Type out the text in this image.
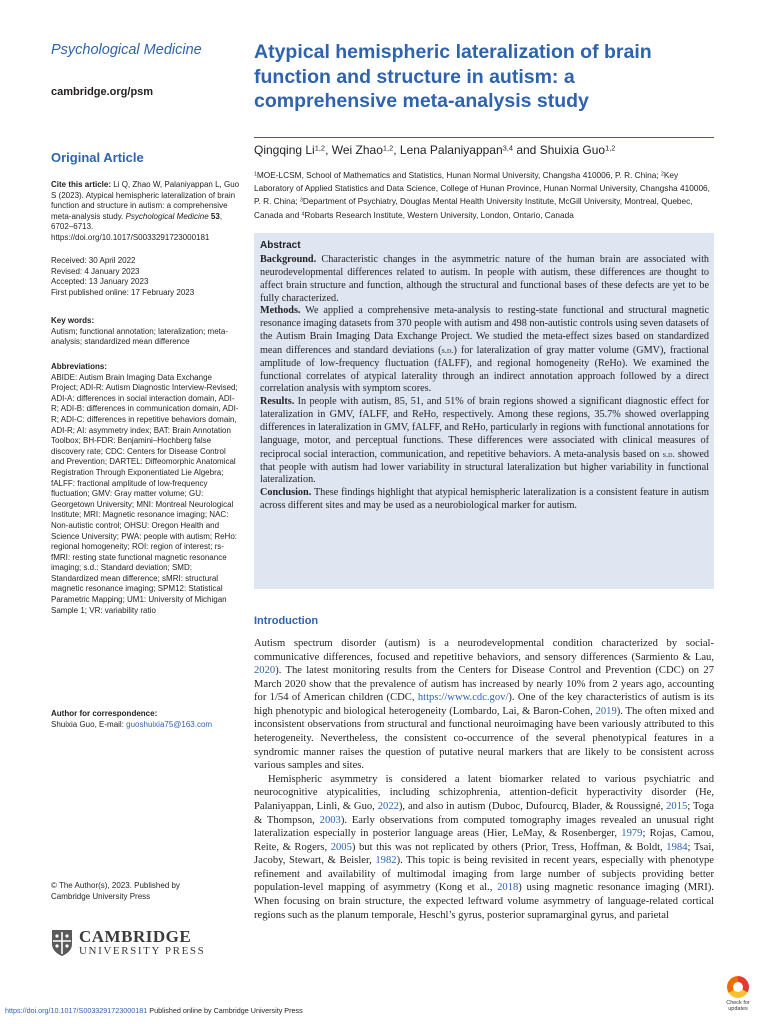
Psychological Medicine
cambridge.org/psm
Original Article
Cite this article: Li Q, Zhao W, Palaniyappan L, Guo S (2023). Atypical hemispheric lateralization of brain function and structure in autism: a comprehensive meta-analysis study. Psychological Medicine 53, 6702–6713. https://doi.org/10.1017/S0033291723000181
Received: 30 April 2022
Revised: 4 January 2023
Accepted: 13 January 2023
First published online: 17 February 2023
Key words:
Autism; functional annotation; lateralization; meta-analysis; standardized mean difference
Abbreviations:
ABIDE: Autism Brain Imaging Data Exchange Project; ADI-R: Autism Diagnostic Interview-Revised; ADI-A: differences in social interaction domain, ADI-R; ADI-B: differences in communication domain, ADI-R; ADI-C: differences in repetitive behaviors domain, ADI-R; AI: asymmetry index; BAT: Brain Annotation Toolbox; BH-FDR: Benjamini–Hochberg false discovery rate; CDC: Centers for Disease Control and Prevention; DARTEL: Diffeomorphic Anatomical Registration Through Exponentiated Lie Algebra; fALFF: fractional amplitude of low-frequency fluctuation; GMV: Gray matter volume; GU: Georgetown University; MNI: Montreal Neurological Institute; MRI: Magnetic resonance imaging; NAC: Non-autistic control; OHSU: Oregon Health and Science University; PWA: people with autism; ReHo: regional homogeneity; ROI: region of interest; rs-fMRI: resting state functional magnetic resonance imaging; s.d.: Standard deviation; SMD: Standardized mean difference; sMRI: structural magnetic resonance imaging; SPM12: Statistical Parametric Mapping; UM1: University of Michigan Sample 1; VR: variability ratio
Author for correspondence:
Shuixia Guo, E-mail: guoshuixia75@163.com
© The Author(s), 2023. Published by
Cambridge University Press
CAMBRIDGE
UNIVERSITY PRESS
Atypical hemispheric lateralization of brain function and structure in autism: a comprehensive meta-analysis study
Qingqing Li$^{1,2}$, Wei Zhao$^{1,2}$, Lena Palaniyappan$^{3,4}$ and Shuixia Guo$^{1,2}$
$^1$MOE-LCSM, School of Mathematics and Statistics, Hunan Normal University, Changsha 410006, P. R. China; $^2$Key Laboratory of Applied Statistics and Data Science, College of Hunan Province, Hunan Normal University, Changsha 410006, P. R. China; $^3$Department of Psychiatry, Douglas Mental Health University Institute, McGill University, Montreal, Quebec, Canada and $^4$Robarts Research Institute, Western University, London, Ontario, Canada
Abstract

Background. Characteristic changes in the asymmetric nature of the human brain are associated with neurodevelopmental differences related to autism. In people with autism, these differences are thought to affect brain structure and function, although the structural and functional bases of these defects are yet to be fully characterized.

Methods. We applied a comprehensive meta-analysis to resting-state functional and structural magnetic resonance imaging datasets from 370 people with autism and 498 non-autistic controls using seven datasets of the Autism Brain Imaging Data Exchange Project. We studied the meta-effect sizes based on standardized mean differences and standard deviations (s.d.) for lateralization of gray matter volume (GMV), fractional amplitude of low-frequency fluctuation (fALFF), and regional homogeneity (ReHo). We examined the functional correlates of atypical laterality through an indirect annotation approach followed by a direct correlation analysis with symptom scores.

Results. In people with autism, 85, 51, and 51% of brain regions showed a significant diagnostic effect for lateralization in GMV, fALFF, and ReHo, respectively. Among these regions, 35.7% showed overlapping differences in lateralization in GMV, fALFF, and ReHo, particularly in regions with functional annotations for language, motor, and perceptual functions. These differences were associated with clinical measures of reciprocal social interaction, communication, and repetitive behaviors. A meta-analysis based on s.d. showed that people with autism had lower variability in structural lateralization but higher variability in functional lateralization.

Conclusion. These findings highlight that atypical hemispheric lateralization is a consistent feature in autism across different sites and may be used as a neurobiological marker for autism.

Introduction

Autism spectrum disorder (autism) is a neurodevelopmental condition characterized by social-communicative differences, focused and repetitive behaviors, and sensory differences (Sarmiento & Lau, 2020). The latest monitoring results from the Centers for Disease Control and Prevention (CDC) on 27 March 2020 show that the prevalence of autism has increased by nearly 10% from 2 years ago, accounting for 1/54 of American children (CDC, https://www.cdc.gov/). One of the key characteristics of autism is its high phenotypic and biological heterogeneity (Lombardo, Lai, & Baron-Cohen, 2019). The often mixed and inconsistent observations from structural and functional neuroimaging have been variously attributed to this heterogeneity. Nevertheless, the consistent co-occurrence of the several phenotypical features in a syndromic manner raises the question of putative neural markers that are likely to be consistent across various samples and sites.

Hemispheric asymmetry is considered a latent biomarker related to various psychiatric and neurocognitive atypicalities, including schizophrenia, attention-deficit hyperactivity disorder (He, Palaniyappan, Linli, & Guo, 2022), and also in autism (Duboc, Dufourcq, Blader, & Roussigné, 2015; Toga & Thompson, 2003). Early observations from computed tomography images revealed an unusual right lateralization especially in posterior language areas (Hier, LeMay, & Rosenberger, 1979; Rojas, Camou, Reite, & Rogers, 2005) but this was not replicated by others (Prior, Tress, Hoffman, & Boldt, 1984; Tsai, Jacoby, Stewart, & Beisler, 1982). This topic is being revisited in recent years, especially with phenotype refinement and availability of multimodal imaging from large number of subjects providing better population-level mapping of asymmetry (Kong et al., 2018) using magnetic resonance imaging (MRI). When focusing on brain structure, the expected leftward volume asymmetry of language-related cortical regions such as the planum temporale, Heschl’s gyrus, posterior supramarginal gyrus, and parietal

https://doi.org/10.1017/S0033291723000181 Published online by Cambridge University Press
Check for updates
